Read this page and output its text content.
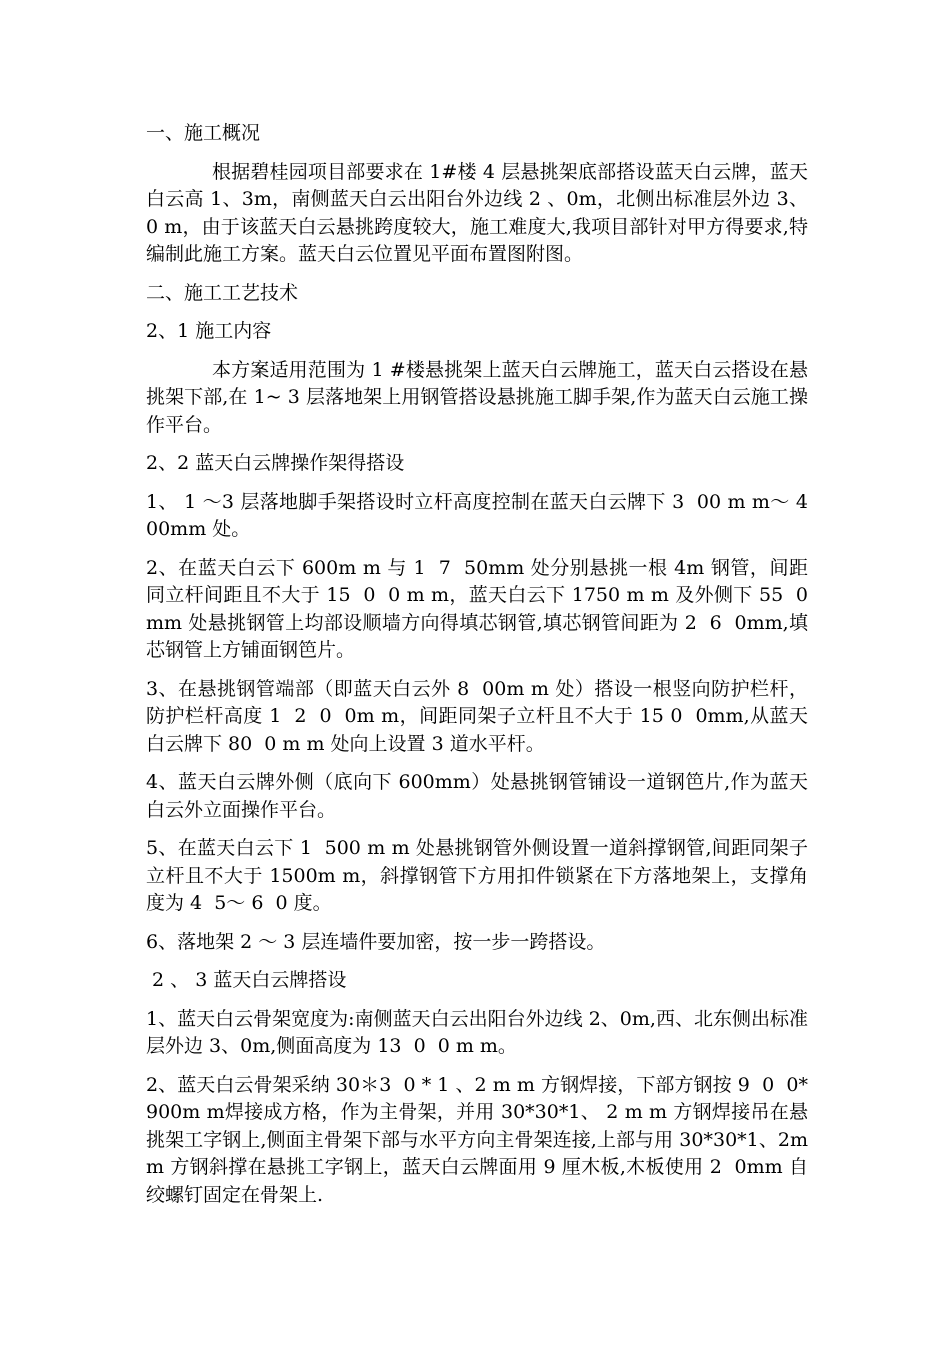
一、施工概况

根据碧桂园项目部要求在 1#楼 4 层悬挑架底部搭设蓝天白云牌，蓝天白云高 1、3m，南侧蓝天白云出阳台外边线 2 、0m，北侧出标准层外边 3、 0 m，由于该蓝天白云悬挑跨度较大，施工难度大,我项目部针对甲方得要求,特编制此施工方案。蓝天白云位置见平面布置图附图。

二、施工工艺技术

2、1 施工内容

本方案适用范围为 1 #楼悬挑架上蓝天白云牌施工，蓝天白云搭设在悬挑架下部,在 1~ 3 层落地架上用钢管搭设悬挑施工脚手架,作为蓝天白云施工操作平台。

2、2 蓝天白云牌操作架得搭设

1、 1 ～3 层落地脚手架搭设时立杆高度控制在蓝天白云牌下 3  00 m m～ 4  00mm 处。

2、在蓝天白云下 600m m 与 1  7  50mm 处分别悬挑一根 4m 钢管，间距同立杆间距且不大于 15  0  0 m m，蓝天白云下 1750 m m 及外侧下 55  0  mm 处悬挑钢管上均部设顺墙方向得填芯钢管,填芯钢管间距为 2  6  0mm,填芯钢管上方铺面钢笆片。

3、在悬挑钢管端部（即蓝天白云外 8  00m m 处）搭设一根竖向防护栏杆，防护栏杆高度 1  2  0  0m m，间距同架子立杆且不大于 15 0  0mm,从蓝天白云牌下 80  0 m m 处向上设置 3 道水平杆。

4、蓝天白云牌外侧（底向下 600mm）处悬挑钢管铺设一道钢笆片,作为蓝天白云外立面操作平台。

5、在蓝天白云下 1  500 m m 处悬挑钢管外侧设置一道斜撑钢管,间距同架子立杆且不大于 1500m m，斜撑钢管下方用扣件锁紧在下方落地架上，支撑角度为 4  5～ 6  0 度。

6、落地架 2 ～ 3 层连墙件要加密，按一步一跨搭设。

2 、 3 蓝天白云牌搭设

1、蓝天白云骨架宽度为:南侧蓝天白云出阳台外边线 2、0m,西、北东侧出标准层外边 3、0m,侧面高度为 13  0  0 m m。

2、蓝天白云骨架采纳 30＊3  0 * 1 、2 m m 方钢焊接，下部方钢按 9  0  0*900m m焊接成方格，作为主骨架，并用 30*30*1、 2 m m 方钢焊接吊在悬挑架工字钢上,侧面主骨架下部与水平方向主骨架连接,上部与用 30*30*1、2mm 方钢斜撑在悬挑工字钢上，蓝天白云牌面用 9 厘木板,木板使用 2  0mm 自绞螺钉固定在骨架上.
